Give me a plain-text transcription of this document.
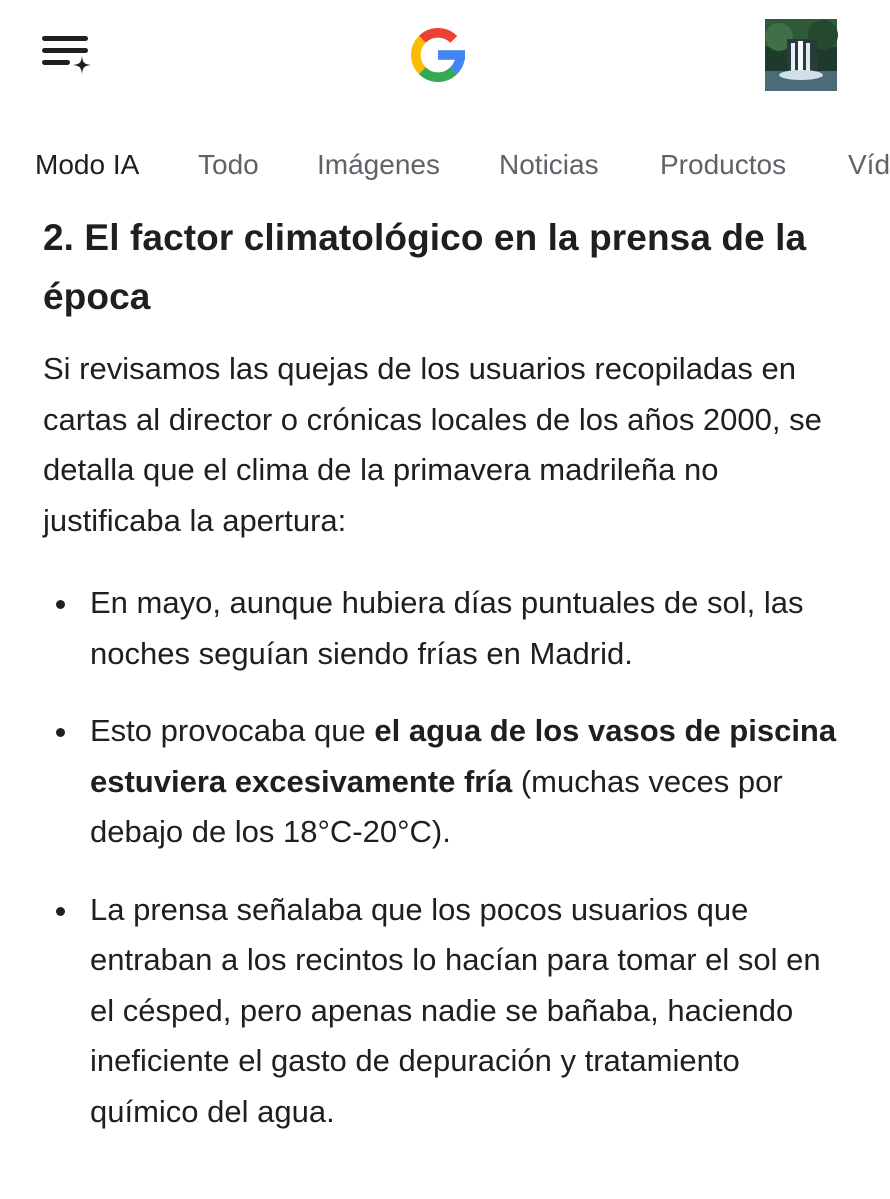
Modo IA Todo Imágenes Noticias Productos Víd
2. El factor climatológico en la prensa de la época

Si revisamos las quejas de los usuarios recopiladas en cartas al director o crónicas locales de los años 2000, se detalla que el clima de la primavera madrileña no justificaba la apertura:

En mayo, aunque hubiera días puntuales de sol, las noches seguían siendo frías en Madrid.
Esto provocaba que el agua de los vasos de piscina estuviera excesivamente fría (muchas veces por debajo de los 18°C-20°C).
La prensa señalaba que los pocos usuarios que entraban a los recintos lo hacían para tomar el sol en el césped, pero apenas nadie se bañaba, haciendo ineficiente el gasto de depuración y tratamiento químico del agua.
